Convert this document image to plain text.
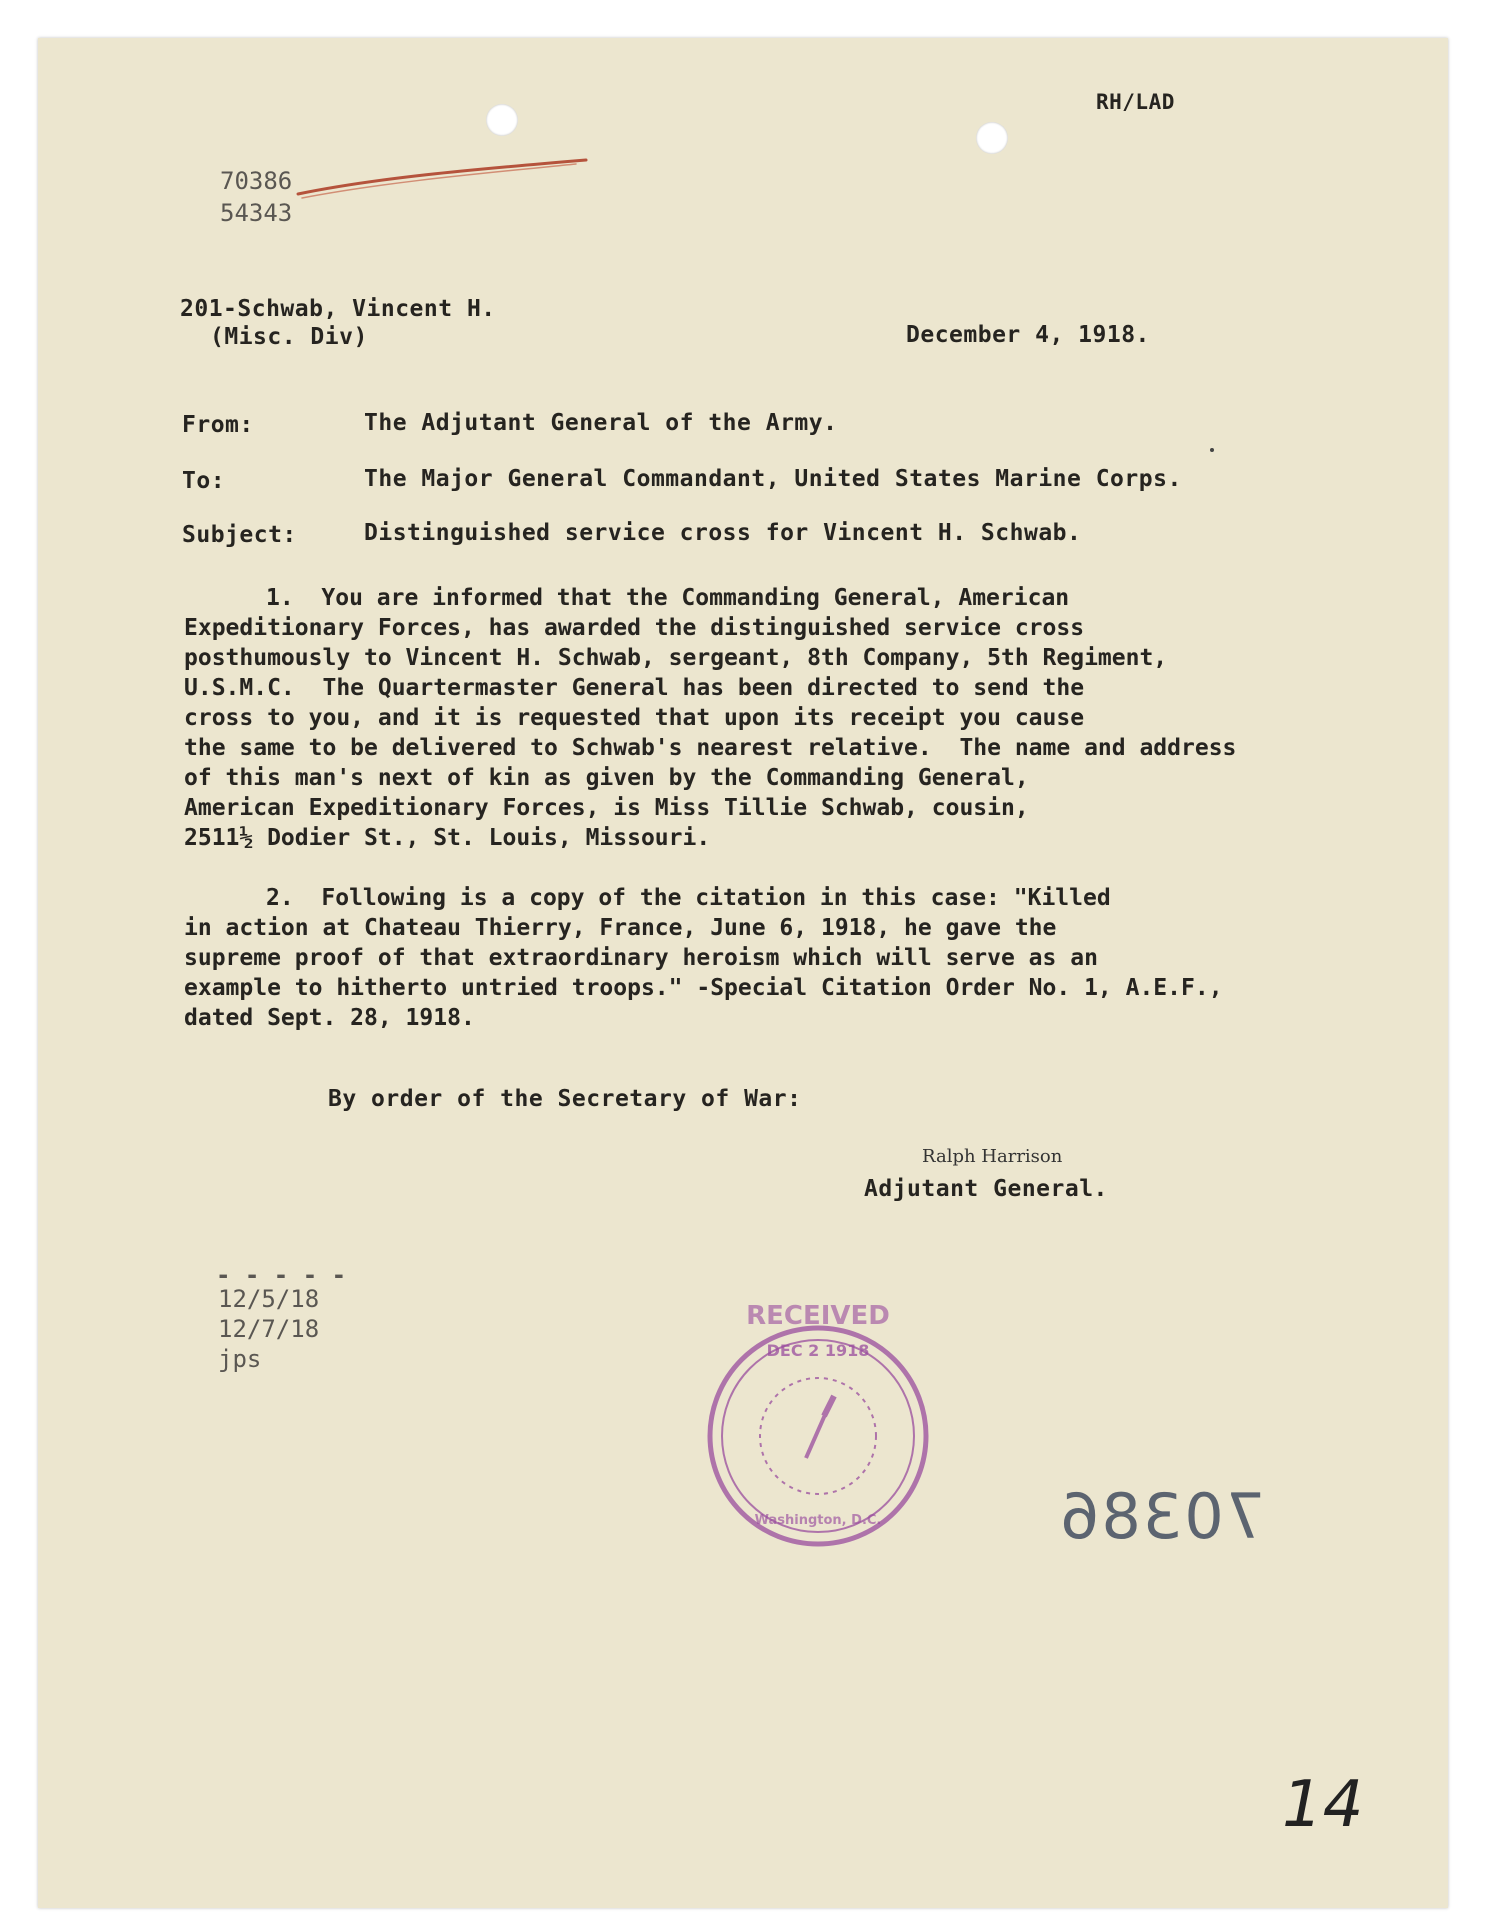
RH/LAD
70386
54343
201-Schwab, Vincent H.
(Misc. Div)	December 4, 1918.
From:	The Adjutant General of the Army.
To:	The Major General Commandant, United States Marine Corps.
Subject:	Distinguished service cross for Vincent H. Schwab.
1.  You are informed that the Commanding General, American
Expeditionary Forces, has awarded the distinguished service cross
posthumously to Vincent H. Schwab, sergeant, 8th Company, 5th Regiment,
U.S.M.C.  The Quartermaster General has been directed to send the
cross to you, and it is requested that upon its receipt you cause
the same to be delivered to Schwab's nearest relative.  The name and address
of this man's next of kin as given by the Commanding General,
American Expeditionary Forces, is Miss Tillie Schwab, cousin,
2511½ Dodier St., St. Louis, Missouri.
2.  Following is a copy of the citation in this case: "Killed
in action at Chateau Thierry, France, June 6, 1918, he gave the
supreme proof of that extraordinary heroism which will serve as an
example to hitherto untried troops." -Special Citation Order No. 1, A.E.F.,
dated Sept. 28, 1918.
By order of the Secretary of War:
Ralph Harrison
Adjutant General.
- - - - -
12/5/18
12/7/18
jps
RECEIVED
DEC 2 1918
Washington, D.C.	70386
14
